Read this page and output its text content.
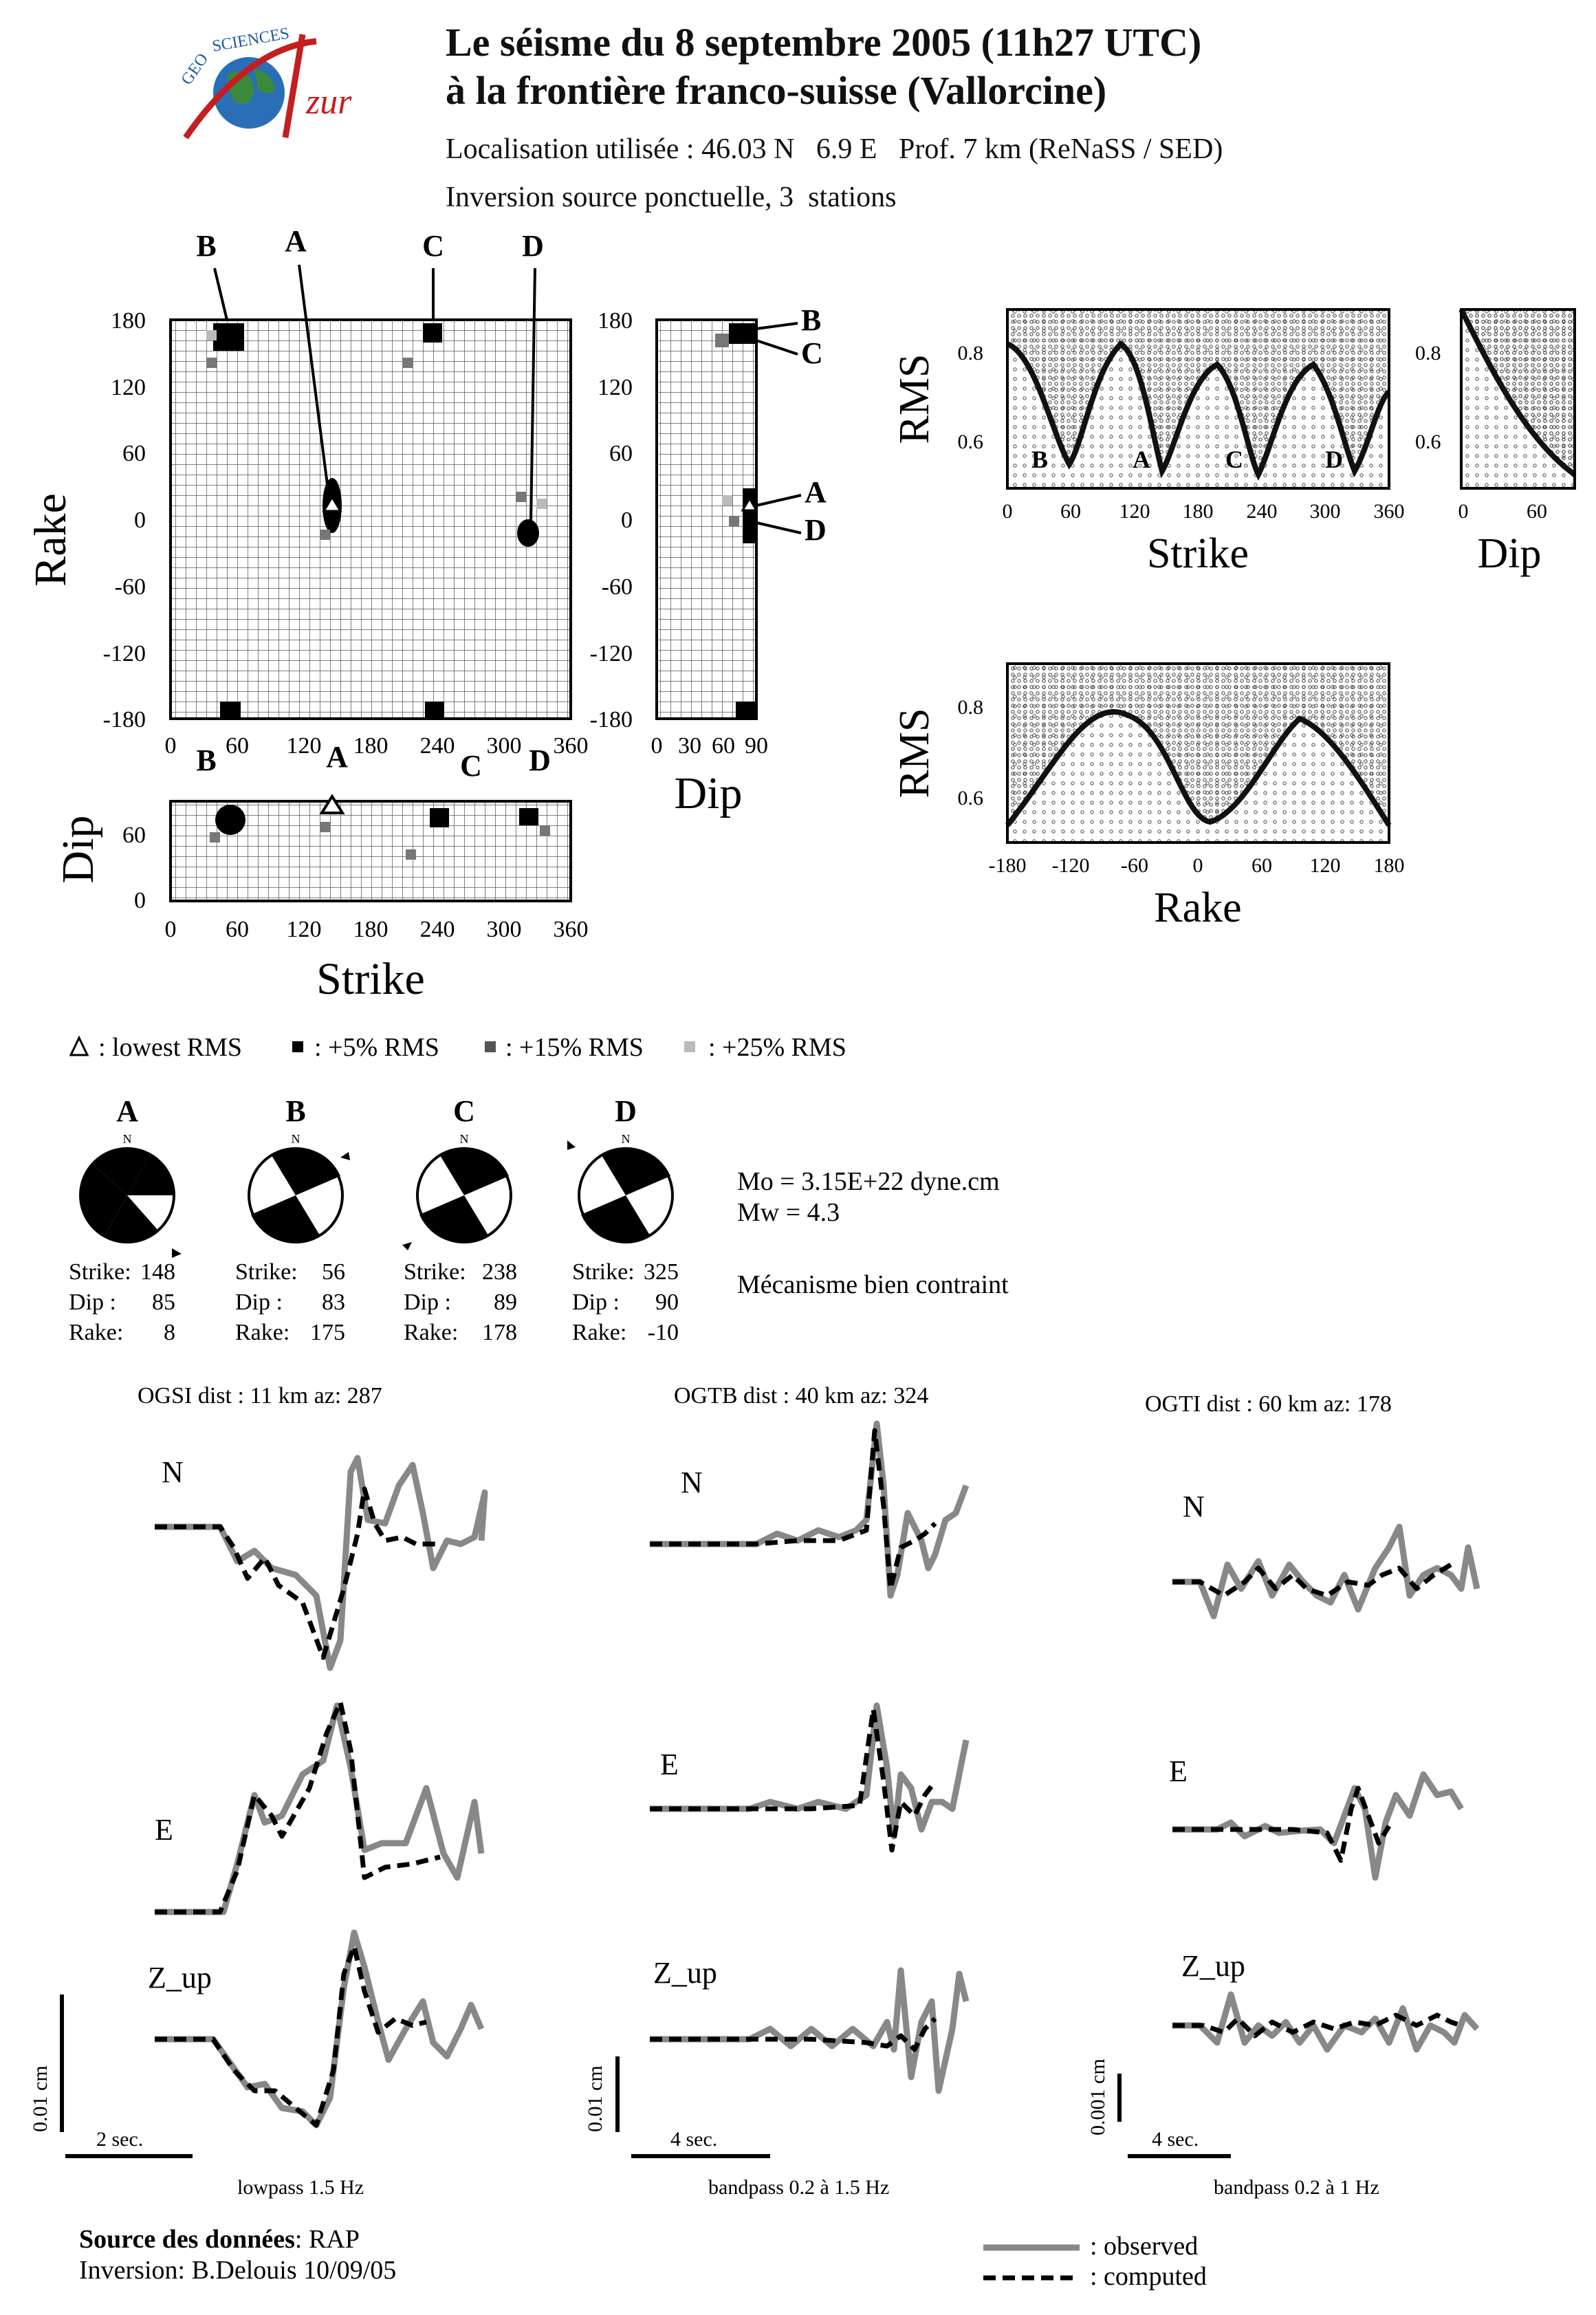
GEO
SCIENCES
zur
Le séisme du 8 septembre 2005 (11h27 UTC)
à la frontière franco-suisse (Vallorcine)
Localisation utilisée : 46.03 N   6.9 E   Prof. 7 km (ReNaSS / SED)
Inversion source ponctuelle, 3  stations
Rake
180
120
60
0
-60
-120
-180
0 60 120 180 240 300 360
B A	C	D
180
120
60
0
-60
-120
-180
0 30 60 90
Dip
B
C
A
D
Dip 60
0
0 60 120 180 240 300 360
Strike
B	A	C D
0.8
0.6
RMS
0 60 120 180 240 300 360
Strike
B	A	C	D
0.8
0.6
0	60
Dip
0.8
0.6
RMS
-180 -120 -60 0 60 120 180
Rake
: lowest RMS	: +5% RMS	: +15% RMS : +25% RMS
A
N
B
N
C
N
D
N
Strike: 148
Dip : 85
Rake: 8
Strike: 56
Dip : 83
Rake: 175
Strike: 238
Dip : 89
Rake: 178
Strike: 325
Dip : 90
Rake: -10
Mo = 3.15E+22 dyne.cm
Mw = 4.3
Mécanisme bien contraint
OGSI dist : 11 km az: 287	OGTB dist : 40 km az: 324	OGTI dist : 60 km az: 178
N
E
Z_up
N
E
Z_up
N
E
Z_up
0.01 cm	0.01 cm	0.001 cm
2 sec.	4 sec.	4 sec.
lowpass 1.5 Hz	bandpass 0.2 à 1.5 Hz	bandpass 0.2 à 1 Hz
Source des données: RAP
Inversion: B.Delouis 10/09/05
: observed
: computed
